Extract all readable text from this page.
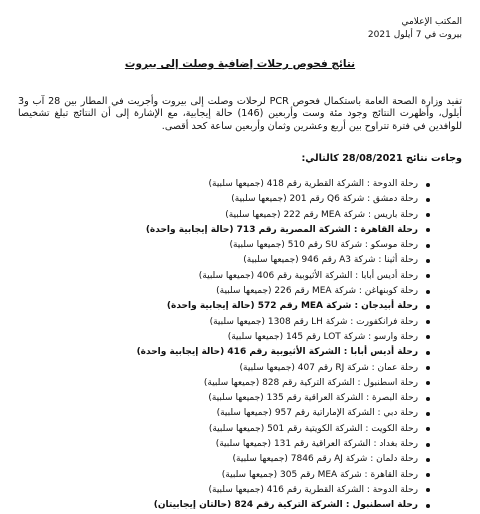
المكتب الإعلامي
بيروت في 7 أيلول 2021
نتائج فحوص رحلات إضافية وصلت إلى بيروت
تفيد وزارة الصحة العامة باستكمال فحوص PCR لرحلات وصلت إلى بيروت وأجريت في المطار بين 28 آب و3 أيلول، وأظهرت النتائج وجود مئة وست وأربعين (146) حالة إيجابية، مع الإشارة إلى أن النتائج تبلغ تشخيصا للوافدين في فترة تتراوح بين أربع وعشرين وثمان وأربعين ساعة كحد أقصى.
وجاءت نتائج 28/08/2021 كالتالي:
رحلة الدوحة : الشركة القطرية رقم 418 (جميعها سلبية)
رحلة دمشق : شركة Q6 رقم 201 (جميعها سلبية)
رحلة باريس : شركة MEA رقم 222 (جميعها سلبية)
رحلة القاهرة : الشركة المصرية رقم 713 (حالة إيجابية واحدة)
رحلة موسكو : شركة SU رقم 510 (جميعها سلبية)
رحلة أثينا : شركة A3 رقم 946 (جميعها سلبية)
رحلة أديس أبابا : الشركة الأثيوبية رقم 406 (جميعها سلبية)
رحلة كوبنهاغن : شركة MEA رقم 226 (جميعها سلبية)
رحلة أبيدجان : شركة MEA رقم 572 (حالة إيجابية واحدة)
رحلة فرانكفورت : شركة LH رقم 1308 (جميعها سلبية)
رحلة وارسو : شركة LOT رقم 145 (جميعها سلبية)
رحلة أديس أبابا : الشركة الأثيوبية رقم 416 (حالة إيجابية واحدة)
رحلة عمان : شركة RJ رقم 407 (جميعها سلبية)
رحلة اسطنبول : الشركة التركية رقم 828 (جميعها سلبية)
رحلة البصرة : الشركة العراقية رقم 135 (جميعها سلبية)
رحلة دبي : الشركة الإماراتية رقم 957 (جميعها سلبية)
رحلة الكويت : الشركة الكويتية رقم 501 (جميعها سلبية)
رحلة بغداد : الشركة العراقية رقم 131 (جميعها سلبية)
رحلة دلمان : شركة AJ رقم 7846 (جميعها سلبية)
رحلة القاهرة : شركة MEA رقم 305 (جميعها سلبية)
رحلة الدوحة : الشركة القطرية رقم 416 (جميعها سلبية)
رحلة اسطنبول : الشركة التركية رقم 824 (حالتان إيجابيتان)
